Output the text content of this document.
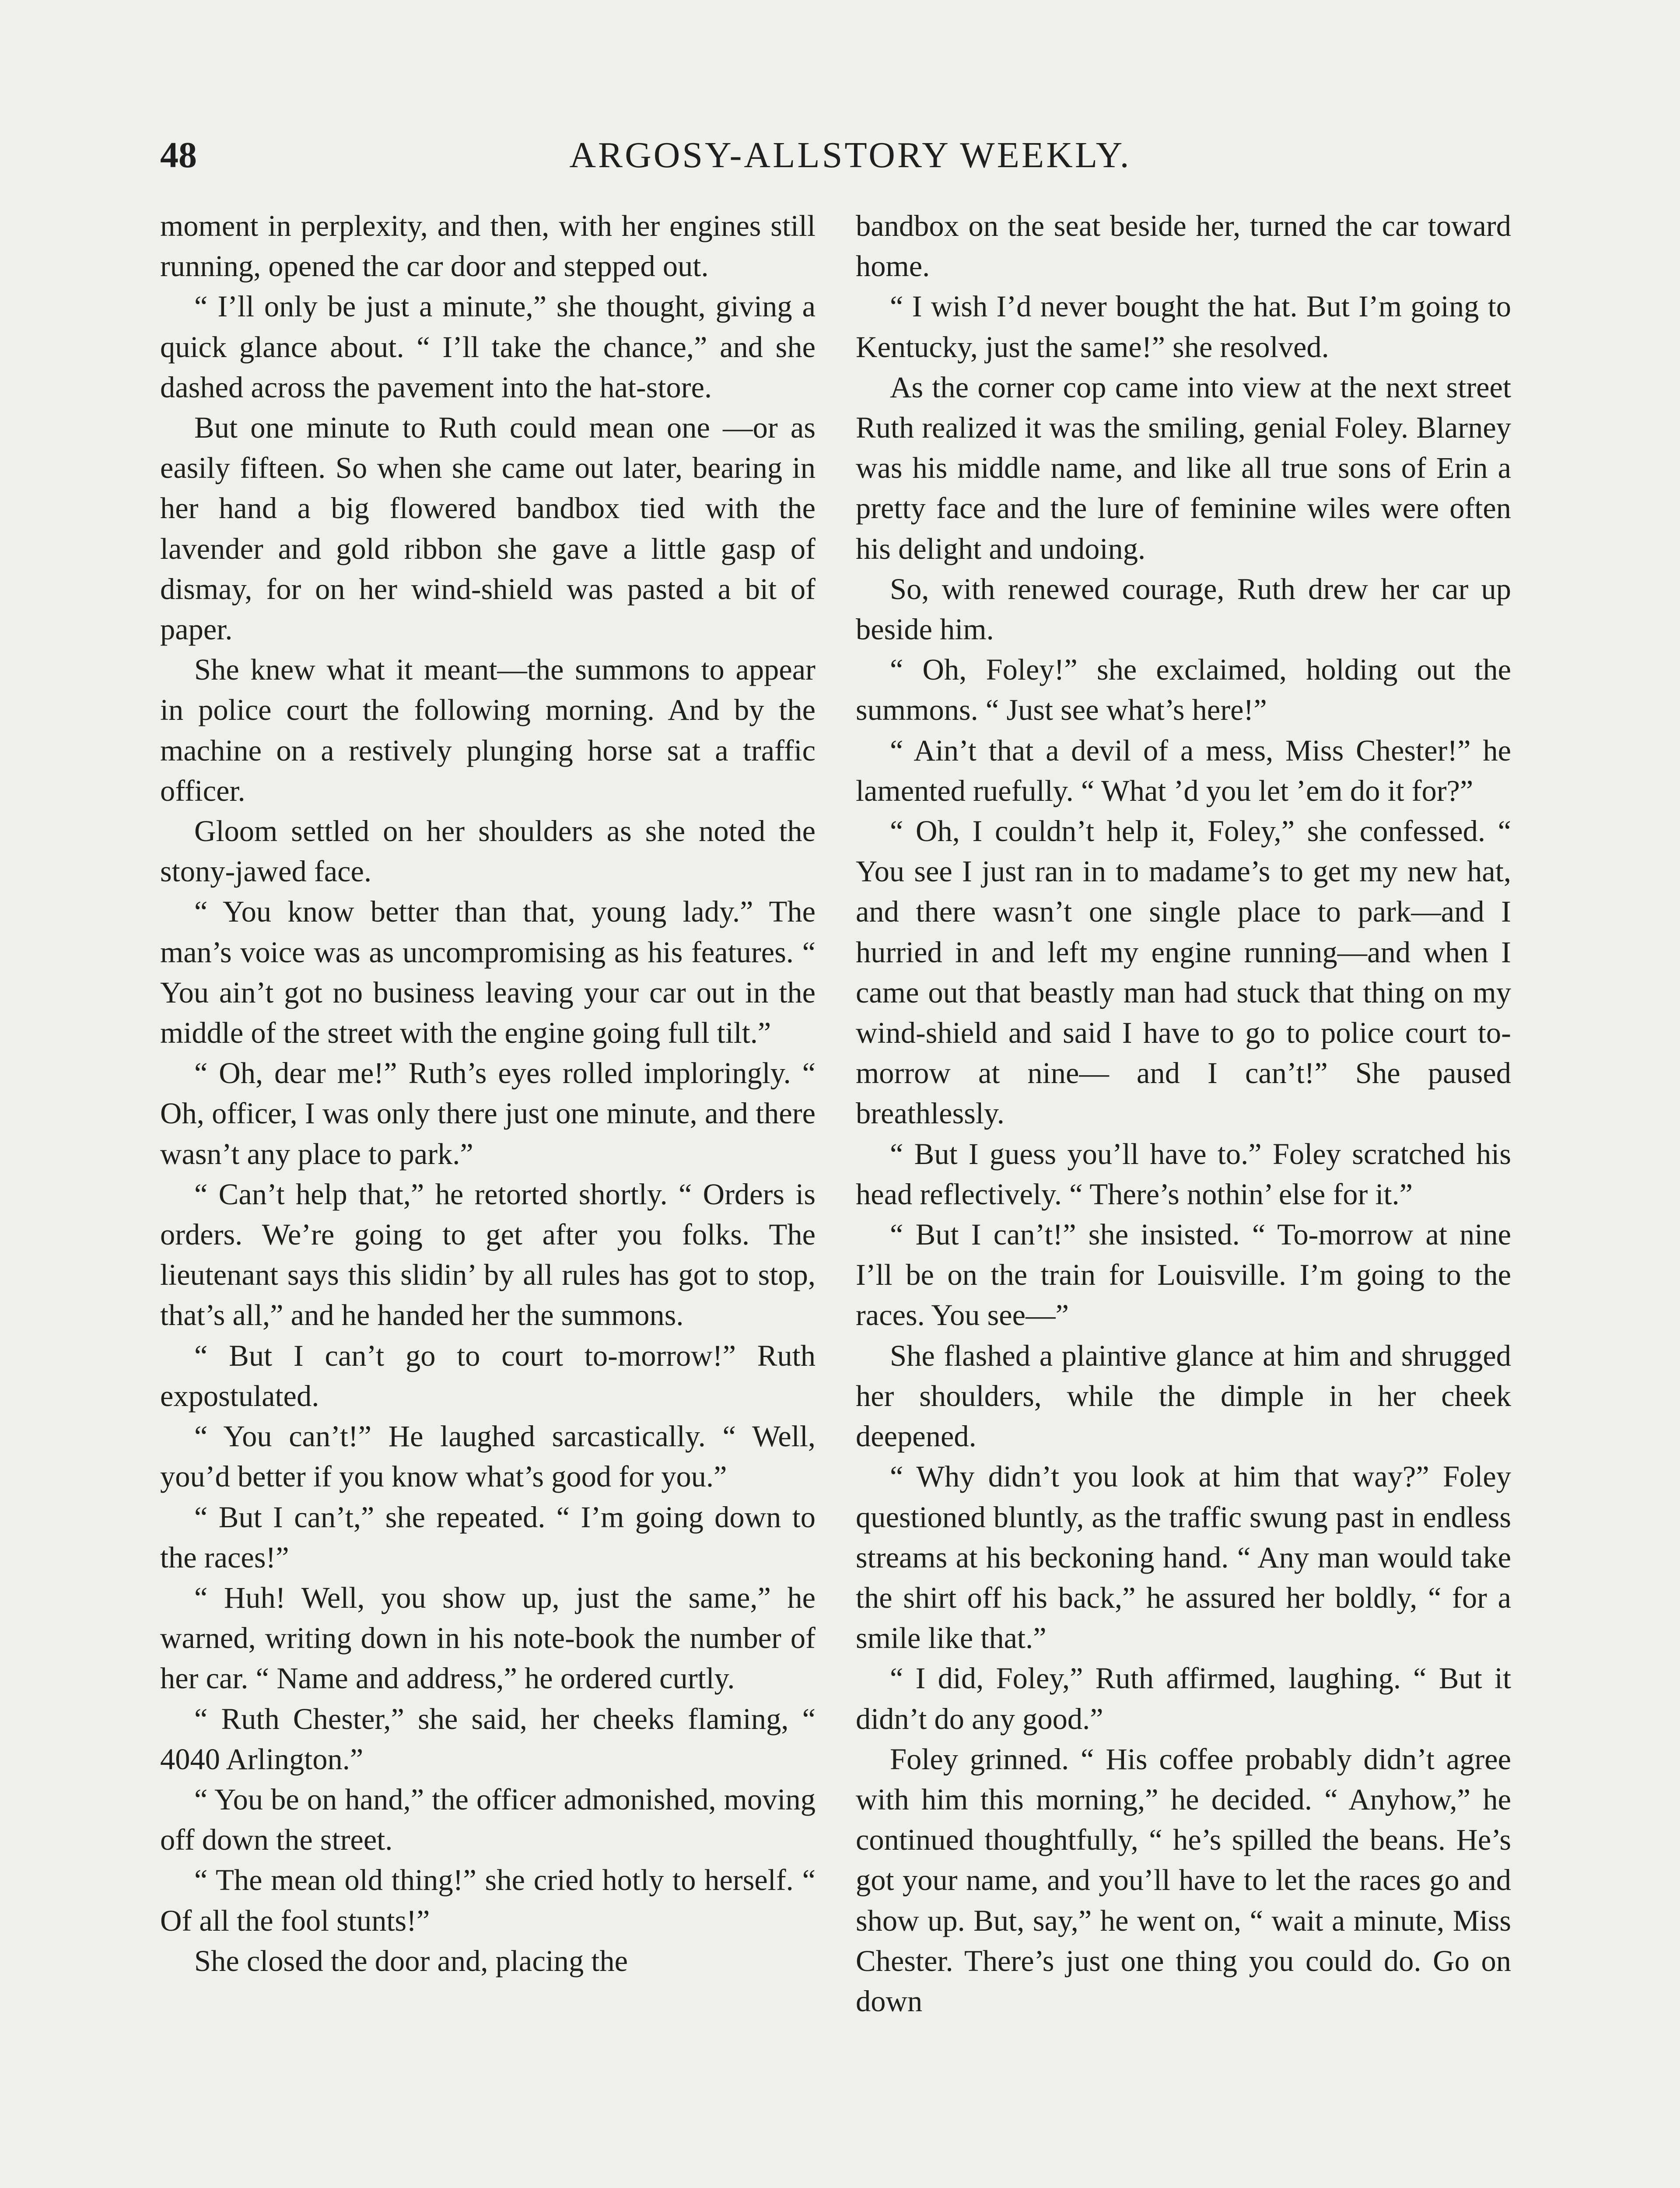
48	ARGOSY-ALLSTORY WEEKLY.

moment in perplexity, and then, with her engines still running, opened the car door and stepped out.

“ I’ll only be just a minute,” she thought, giving a quick glance about. “ I’ll take the chance,” and she dashed across the pavement into the hat-store.

But one minute to Ruth could mean one —or as easily fifteen. So when she came out later, bearing in her hand a big flowered bandbox tied with the lavender and gold ribbon she gave a little gasp of dismay, for on her wind-shield was pasted a bit of paper.

She knew what it meant—the summons to appear in police court the following morning. And by the machine on a restively plunging horse sat a traffic officer.

Gloom settled on her shoulders as she noted the stony-jawed face.

“ You know better than that, young lady.” The man’s voice was as uncompromising as his features. “ You ain’t got no business leaving your car out in the middle of the street with the engine going full tilt.”

“ Oh, dear me!” Ruth’s eyes rolled imploringly. “ Oh, officer, I was only there just one minute, and there wasn’t any place to park.”

“ Can’t help that,” he retorted shortly. “ Orders is orders. We’re going to get after you folks. The lieutenant says this slidin’ by all rules has got to stop, that’s all,” and he handed her the summons.

“ But I can’t go to court to-morrow!” Ruth expostulated.

“ You can’t!” He laughed sarcastically. “ Well, you’d better if you know what’s good for you.”

“ But I can’t,” she repeated. “ I’m going down to the races!”

“ Huh! Well, you show up, just the same,” he warned, writing down in his note-book the number of her car. “ Name and address,” he ordered curtly.

“ Ruth Chester,” she said, her cheeks flaming, “ 4040 Arlington.”

“ You be on hand,” the officer admonished, moving off down the street.

“ The mean old thing!” she cried hotly to herself. “ Of all the fool stunts!”

She closed the door and, placing the

bandbox on the seat beside her, turned the car toward home.

“ I wish I’d never bought the hat. But I’m going to Kentucky, just the same!” she resolved.

As the corner cop came into view at the next street Ruth realized it was the smiling, genial Foley. Blarney was his middle name, and like all true sons of Erin a pretty face and the lure of feminine wiles were often his delight and undoing.

So, with renewed courage, Ruth drew her car up beside him.

“ Oh, Foley!” she exclaimed, holding out the summons. “ Just see what’s here!”

“ Ain’t that a devil of a mess, Miss Chester!” he lamented ruefully. “ What ’d you let ’em do it for?”

“ Oh, I couldn’t help it, Foley,” she confessed. “ You see I just ran in to madame’s to get my new hat, and there wasn’t one single place to park—and I hurried in and left my engine running—and when I came out that beastly man had stuck that thing on my wind-shield and said I have to go to police court to-morrow at nine— and I can’t!” She paused breathlessly.

“ But I guess you’ll have to.” Foley scratched his head reflectively. “ There’s nothin’ else for it.”

“ But I can’t!” she insisted. “ To-morrow at nine I’ll be on the train for Louisville. I’m going to the races. You see—”

She flashed a plaintive glance at him and shrugged her shoulders, while the dimple in her cheek deepened.

“ Why didn’t you look at him that way?” Foley questioned bluntly, as the traffic swung past in endless streams at his beckoning hand. “ Any man would take the shirt off his back,” he assured her boldly, “ for a smile like that.”

“ I did, Foley,” Ruth affirmed, laughing. “ But it didn’t do any good.”

Foley grinned. “ His coffee probably didn’t agree with him this morning,” he decided. “ Anyhow,” he continued thoughtfully, “ he’s spilled the beans. He’s got your name, and you’ll have to let the races go and show up. But, say,” he went on, “ wait a minute, Miss Chester. There’s just one thing you could do. Go on down
